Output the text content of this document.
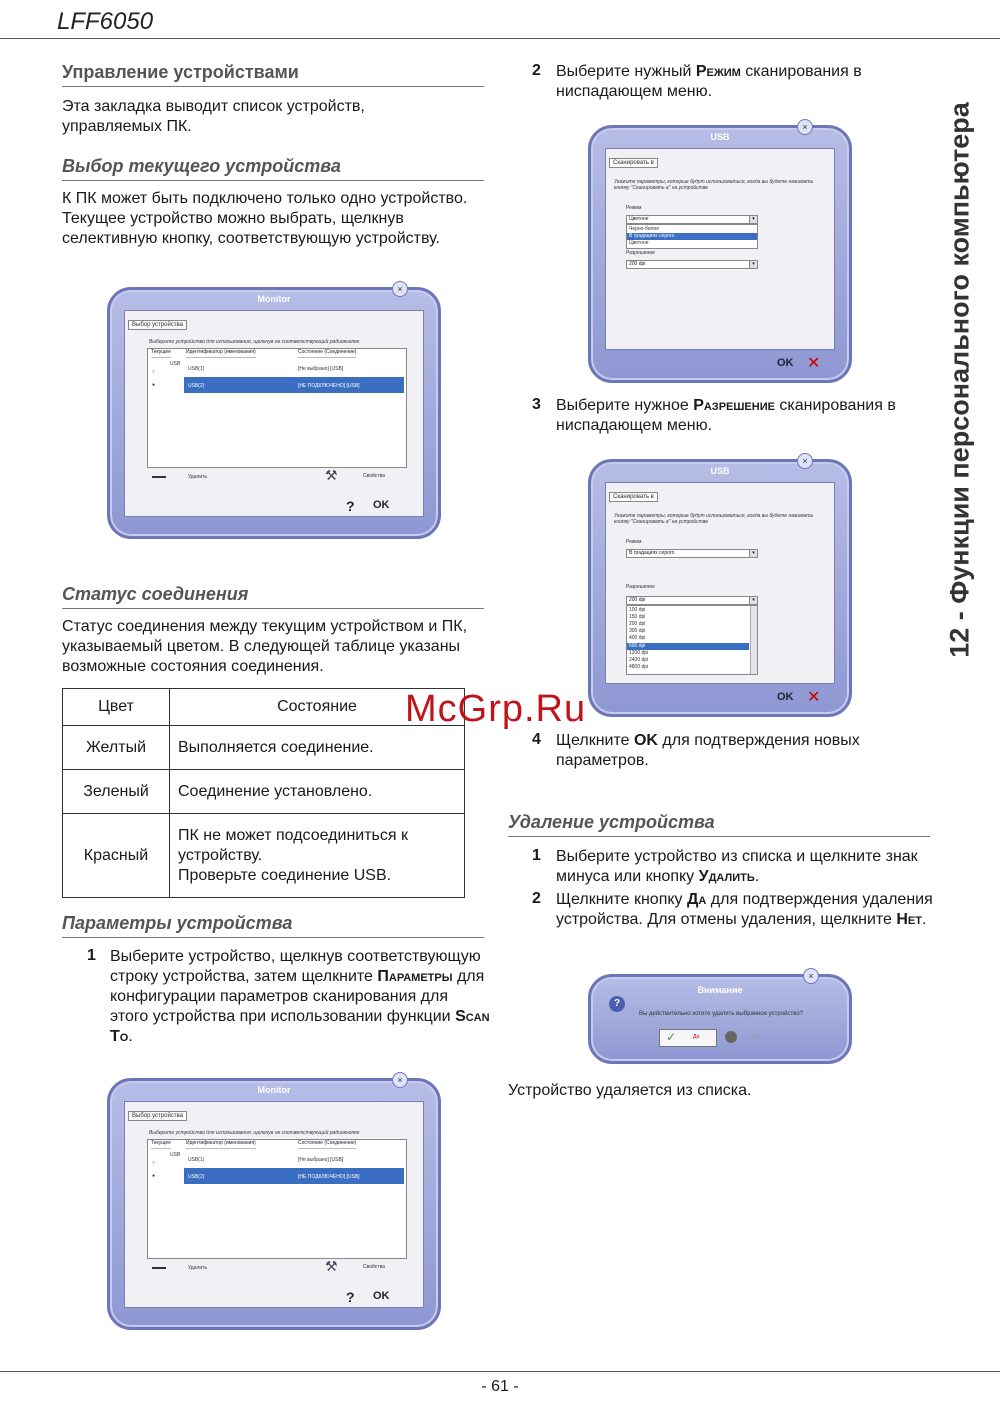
LFF6050
- 61 -
12 - Функции персонального компьютера
Управление устройствами
Эта закладка выводит список устройств, управляемых ПК.
Выбор текущего устройства
К ПК может быть подключено только одно устройство. Текущее устройство можно выбрать, щелкнув селективную кнопку, соответствующую устройству.
Monitor
×
Выбор устройства
Выберите устройство для использования, щелкнув не соответствующий радиокнопке
Текущее	Идентификатор (именования)	Состояние (Соединение)
○
USB
USB(1)	[Не выбрано] [USB]
●	USB(2)	[НЕ ПОДКЛЮЧЕНО] [USB]
Удалить	⚒	Свойства
? OK
Статус соединения
Статус соединения между текущим устройством и ПК, указываемый цветом. В следующей таблице указаны возможные состояния соединения.
Цвет	Состояние
Желтый	Выполняется соединение.
Зеленый	Соединение установлено.
Красный	ПК не может подсоединиться к устройству.
Проверьте соединение USB.
Параметры устройства
1 Выберите устройство, щелкнув соответствующую строку устройства, затем щелкните Параметры для конфигурации параметров сканирования для этого устройства при использовании функции Scan To.
Monitor
×
Выбор устройства
Выберите устройство для использования, щелкнув не соответствующий радиокнопке
Текущее	Идентификатор (именования)	Состояние (Соединение)
○
USB
USB(1)	[Не выбрано] [USB]
●	USB(2)	[НЕ ПОДКЛЮЧЕНО] [USB]
Удалить	⚒	Свойства
? OK
2 Выберите нужный Режим сканирования в ниспадающем меню.
USB
×
Сканировать в
Укажите параметры, которые будут использоваться, когда вы будете нажимать кнопку "Сканировать в" на устройстве
Режим
Цветное	▾
Черно-белое
В градациях серого
Цветное
Разрешение
200 dpi	▾
OK ✕
3 Выберите нужное Разрешение сканирования в ниспадающем меню.
USB
×
Сканировать в
Укажите параметры, которые будут использоваться, когда вы будете нажимать кнопку "Сканировать в" на устройстве
Режим
В градациях серого	▾
Разрешение
200 dpi	▾
100 dpi
150 dpi
200 dpi
300 dpi
400 dpi
600 dpi
1200 dpi
2400 dpi
4800 dpi
OK ✕
4 Щелкните OK для подтверждения новых параметров.
Удаление устройства
1 Выберите устройство из списка и щелкните знак минуса или кнопку Удалить.
2 Щелкните кнопку Да для подтверждения удаления устройства. Для отмены удаления, щелкните Нет.
Внимание
×
?
Вы действительно хотите удалить выбранное устройство?
✓	Да	Нет
Устройство удаляется из списка.
McGrp.Ru
